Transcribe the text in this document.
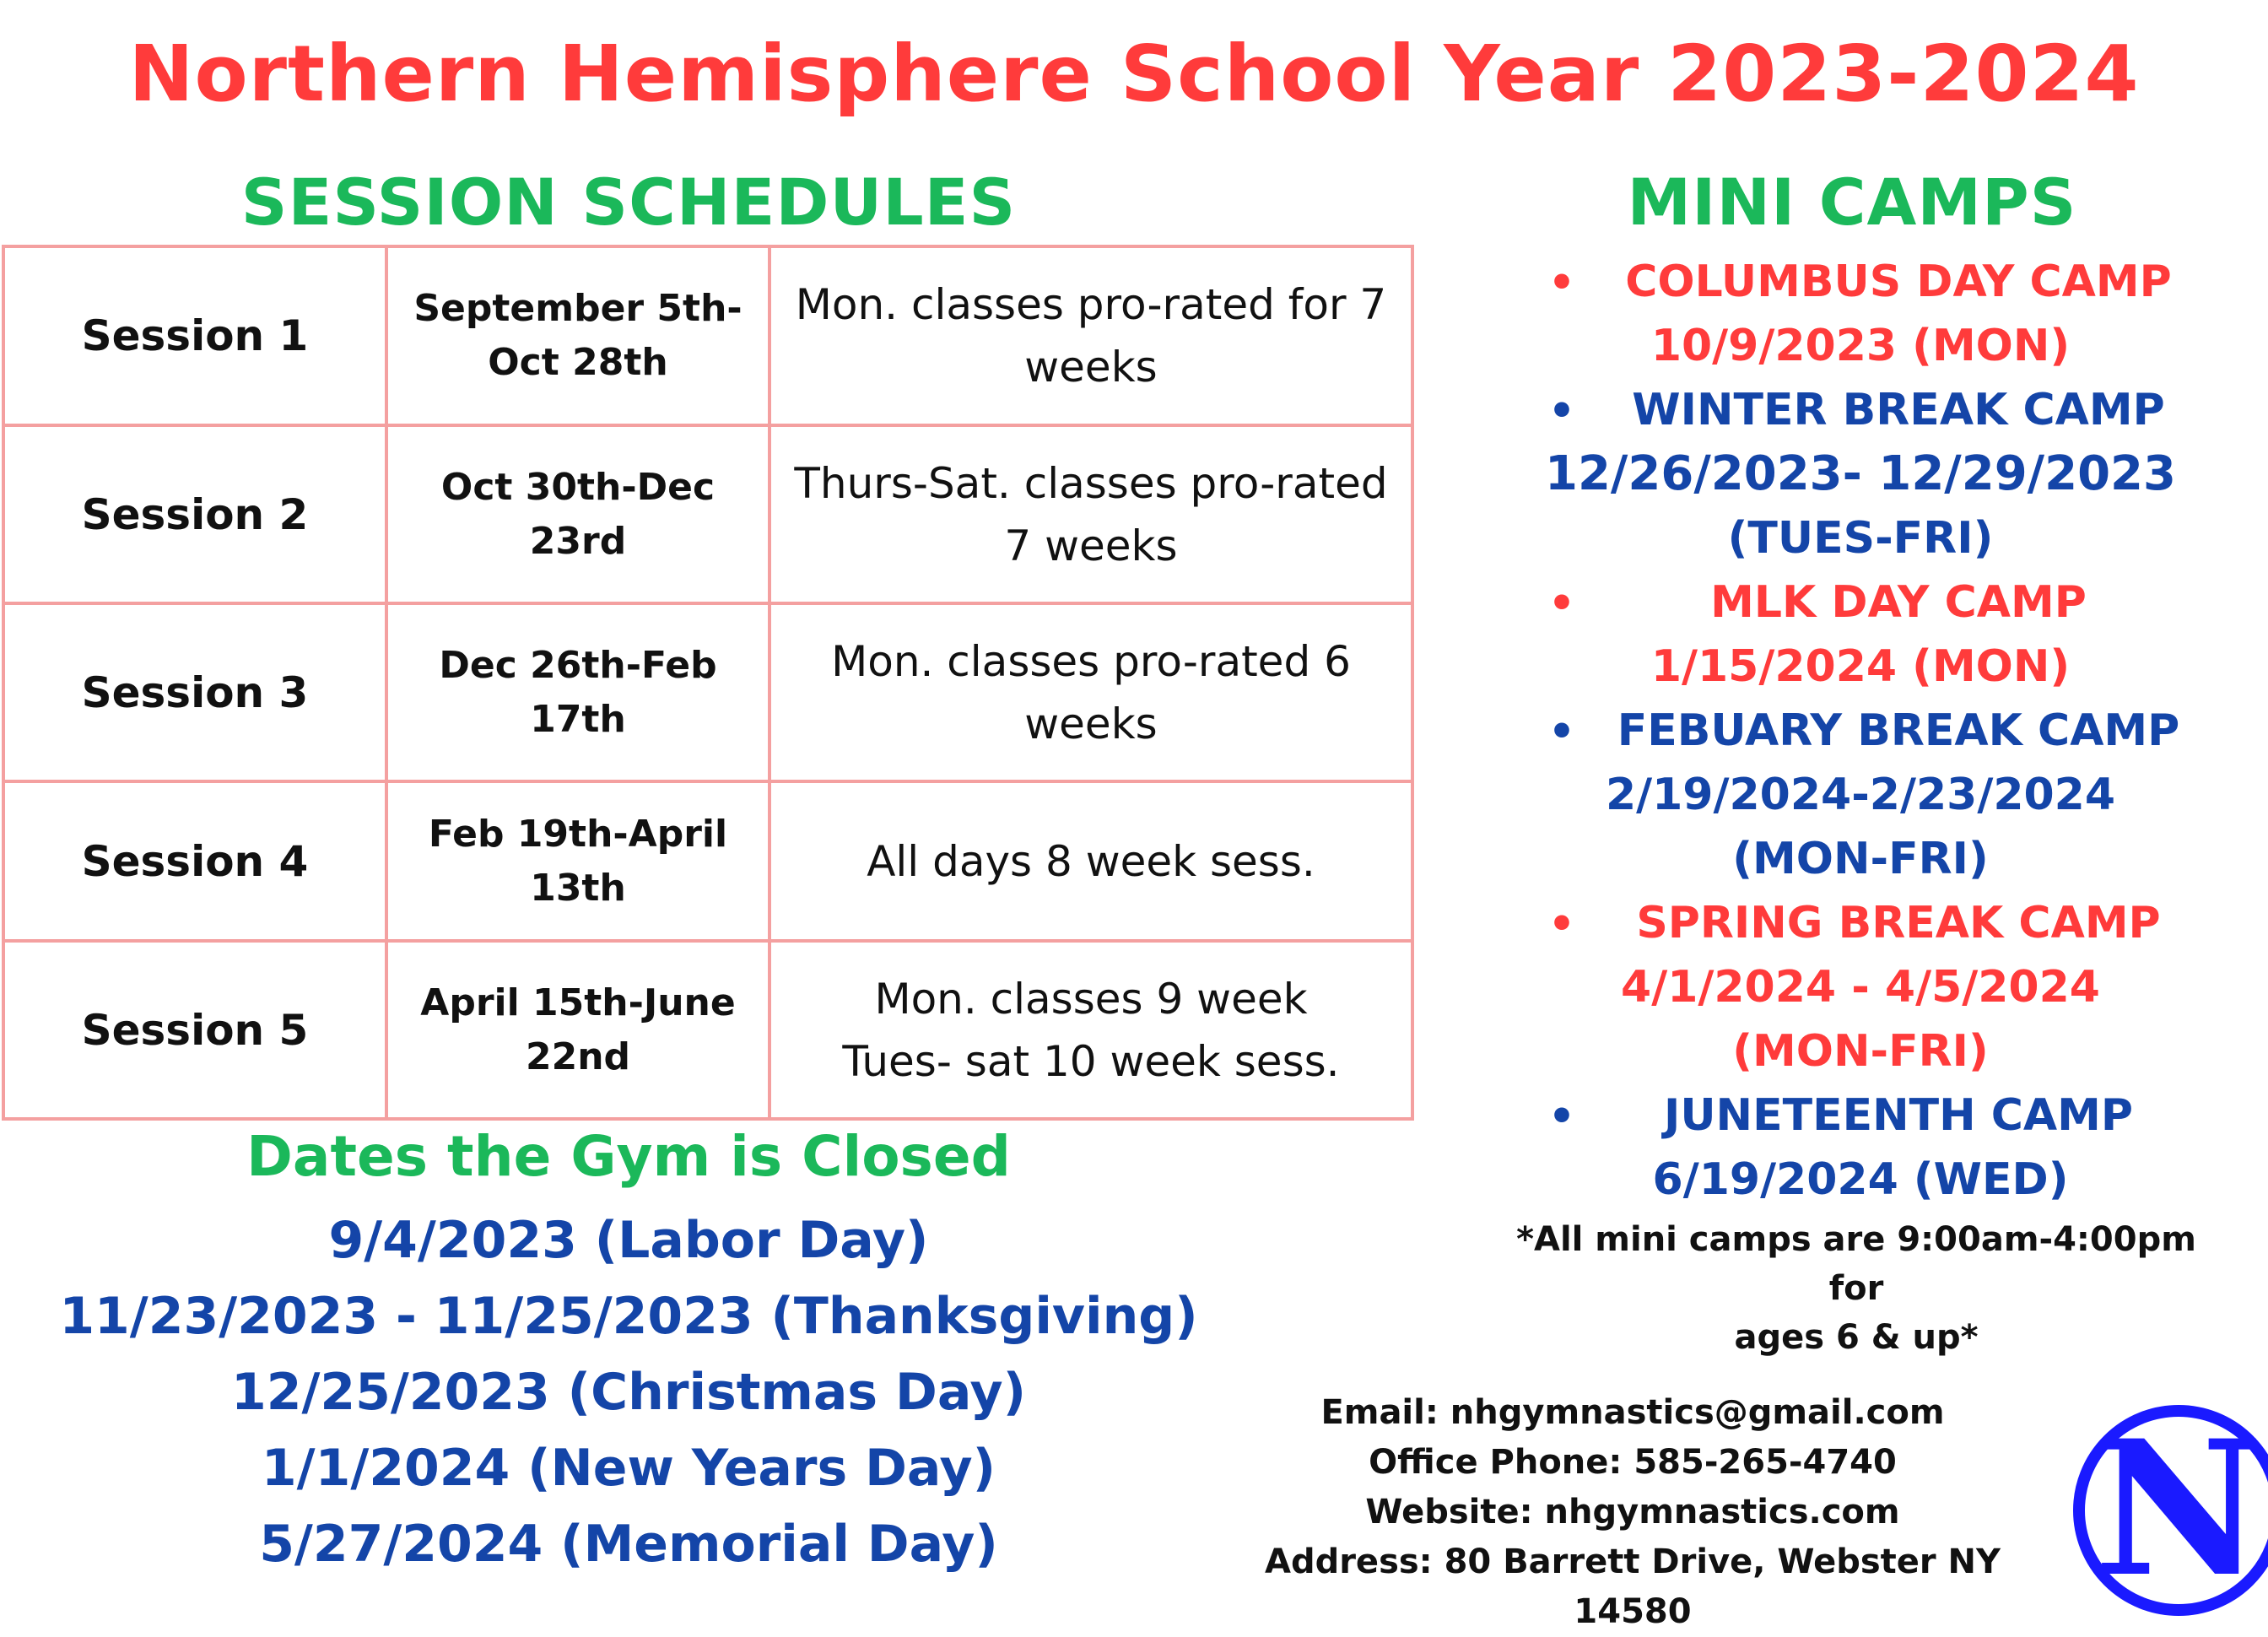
Northern Hemisphere School Year 2023-2024
SESSION SCHEDULES
Session 1	September 5th-Oct 28th	Mon. classes pro-rated for 7 weeks
Session 2	Oct 30th-Dec 23rd	Thurs-Sat. classes pro-rated 7 weeks
Session 3	Dec 26th-Feb 17th	Mon. classes pro-rated 6 weeks
Session 4	Feb 19th-April 13th	All days 8 week sess.
Session 5	April 15th-June 22nd	Mon. classes 9 week
Tues- sat 10 week sess.
Dates the Gym is Closed
9/4/2023 (Labor Day)
11/23/2023 - 11/25/2023 (Thanksgiving)
12/25/2023 (Christmas Day)
1/1/2024 (New Years Day)
5/27/2024 (Memorial Day)
MINI CAMPS
•	COLUMBUS DAY CAMP
10/9/2023 (MON)
•	WINTER BREAK CAMP
12/26/2023- 12/29/2023
(TUES-FRI)
•	MLK DAY CAMP
1/15/2024 (MON)
• FEBUARY BREAK CAMP
2/19/2024-2/23/2024
(MON-FRI)
•	SPRING BREAK CAMP
4/1/2024 - 4/5/2024
(MON-FRI)
•	JUNETEENTH CAMP
6/19/2024 (WED)

*All mini camps are 9:00am-4:00pm for
ages 6 & up*

Email: nhgymnastics@gmail.com
Office Phone: 585-265-4740
Website: nhgymnastics.com
Address: 80 Barrett Drive, Webster NY 14580	N
